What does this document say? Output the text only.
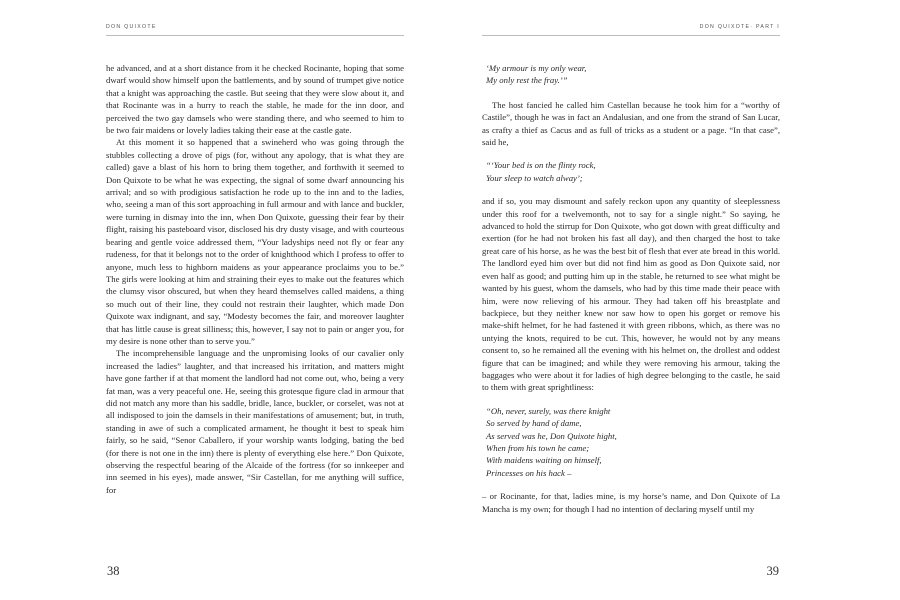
DON QUIXOTE

he advanced, and at a short distance from it he checked Rocinante, hoping that some dwarf would show himself upon the battlements, and by sound of trumpet give notice that a knight was approaching the castle. But seeing that they were slow about it, and that Rocinante was in a hurry to reach the stable, he made for the inn door, and perceived the two gay damsels who were standing there, and who seemed to him to be two fair maidens or lovely ladies taking their ease at the castle gate.

At this moment it so happened that a swineherd who was going through the stubbles collecting a drove of pigs (for, without any apology, that is what they are called) gave a blast of his horn to bring them together, and forthwith it seemed to Don Quixote to be what he was expecting, the signal of some dwarf announcing his arrival; and so with prodigious satisfaction he rode up to the inn and to the ladies, who, seeing a man of this sort approaching in full armour and with lance and buckler, were turning in dismay into the inn, when Don Quixote, guessing their fear by their flight, raising his pasteboard visor, disclosed his dry dusty visage, and with courteous bearing and gentle voice addressed them, “Your ladyships need not fly or fear any rudeness, for that it belongs not to the order of knighthood which I profess to offer to anyone, much less to highborn maidens as your appearance proclaims you to be.” The girls were looking at him and straining their eyes to make out the features which the clumsy visor obscured, but when they heard themselves called maidens, a thing so much out of their line, they could not restrain their laughter, which made Don Quixote wax indignant, and say, “Modesty becomes the fair, and moreover laughter that has little cause is great silliness; this, however, I say not to pain or anger you, for my desire is none other than to serve you.”

The incomprehensible language and the unpromising looks of our cavalier only increased the ladies” laughter, and that increased his irritation, and matters might have gone farther if at that moment the landlord had not come out, who, being a very fat man, was a very peaceful one. He, seeing this grotesque figure clad in armour that did not match any more than his saddle, bridle, lance, buckler, or corselet, was not at all indisposed to join the damsels in their manifestations of amusement; but, in truth, standing in awe of such a complicated armament, he thought it best to speak him fairly, so he said, “Senor Caballero, if your worship wants lodging, bating the bed (for there is not one in the inn) there is plenty of everything else here.” Don Quixote, observing the respectful bearing of the Alcaide of the fortress (for so innkeeper and inn seemed in his eyes), made answer, “Sir Castellan, for me anything will suffice, for

38
DON QUIXOTE· PART I
‘My armour is my only wear,
My only rest the fray.’”

The host fancied he called him Castellan because he took him for a “worthy of Castile”, though he was in fact an Andalusian, and one from the strand of San Lucar, as crafty a thief as Cacus and as full of tricks as a student or a page. “In that case”, said he,

“‘Your bed is on the flinty rock,
Your sleep to watch alway’;

and if so, you may dismount and safely reckon upon any quantity of sleeplessness under this roof for a twelvemonth, not to say for a single night.” So saying, he advanced to hold the stirrup for Don Quixote, who got down with great difficulty and exertion (for he had not broken his fast all day), and then charged the host to take great care of his horse, as he was the best bit of flesh that ever ate bread in this world. The landlord eyed him over but did not find him as good as Don Quixote said, nor even half as good; and putting him up in the stable, he returned to see what might be wanted by his guest, whom the damsels, who had by this time made their peace with him, were now relieving of his armour. They had taken off his breastplate and backpiece, but they neither knew nor saw how to open his gorget or remove his make-shift helmet, for he had fastened it with green ribbons, which, as there was no untying the knots, required to be cut. This, however, he would not by any means consent to, so he remained all the evening with his helmet on, the drollest and oddest figure that can be imagined; and while they were removing his armour, taking the baggages who were about it for ladies of high degree belonging to the castle, he said to them with great sprightliness:

“Oh, never, surely, was there knight
So served by hand of dame,
As served was he, Don Quixote hight,
When from his town he came;
With maidens waiting on himself,
Princesses on his hack –

– or Rocinante, for that, ladies mine, is my horse’s name, and Don Quixote of La Mancha is my own; for though I had no intention of declaring myself until my

39
